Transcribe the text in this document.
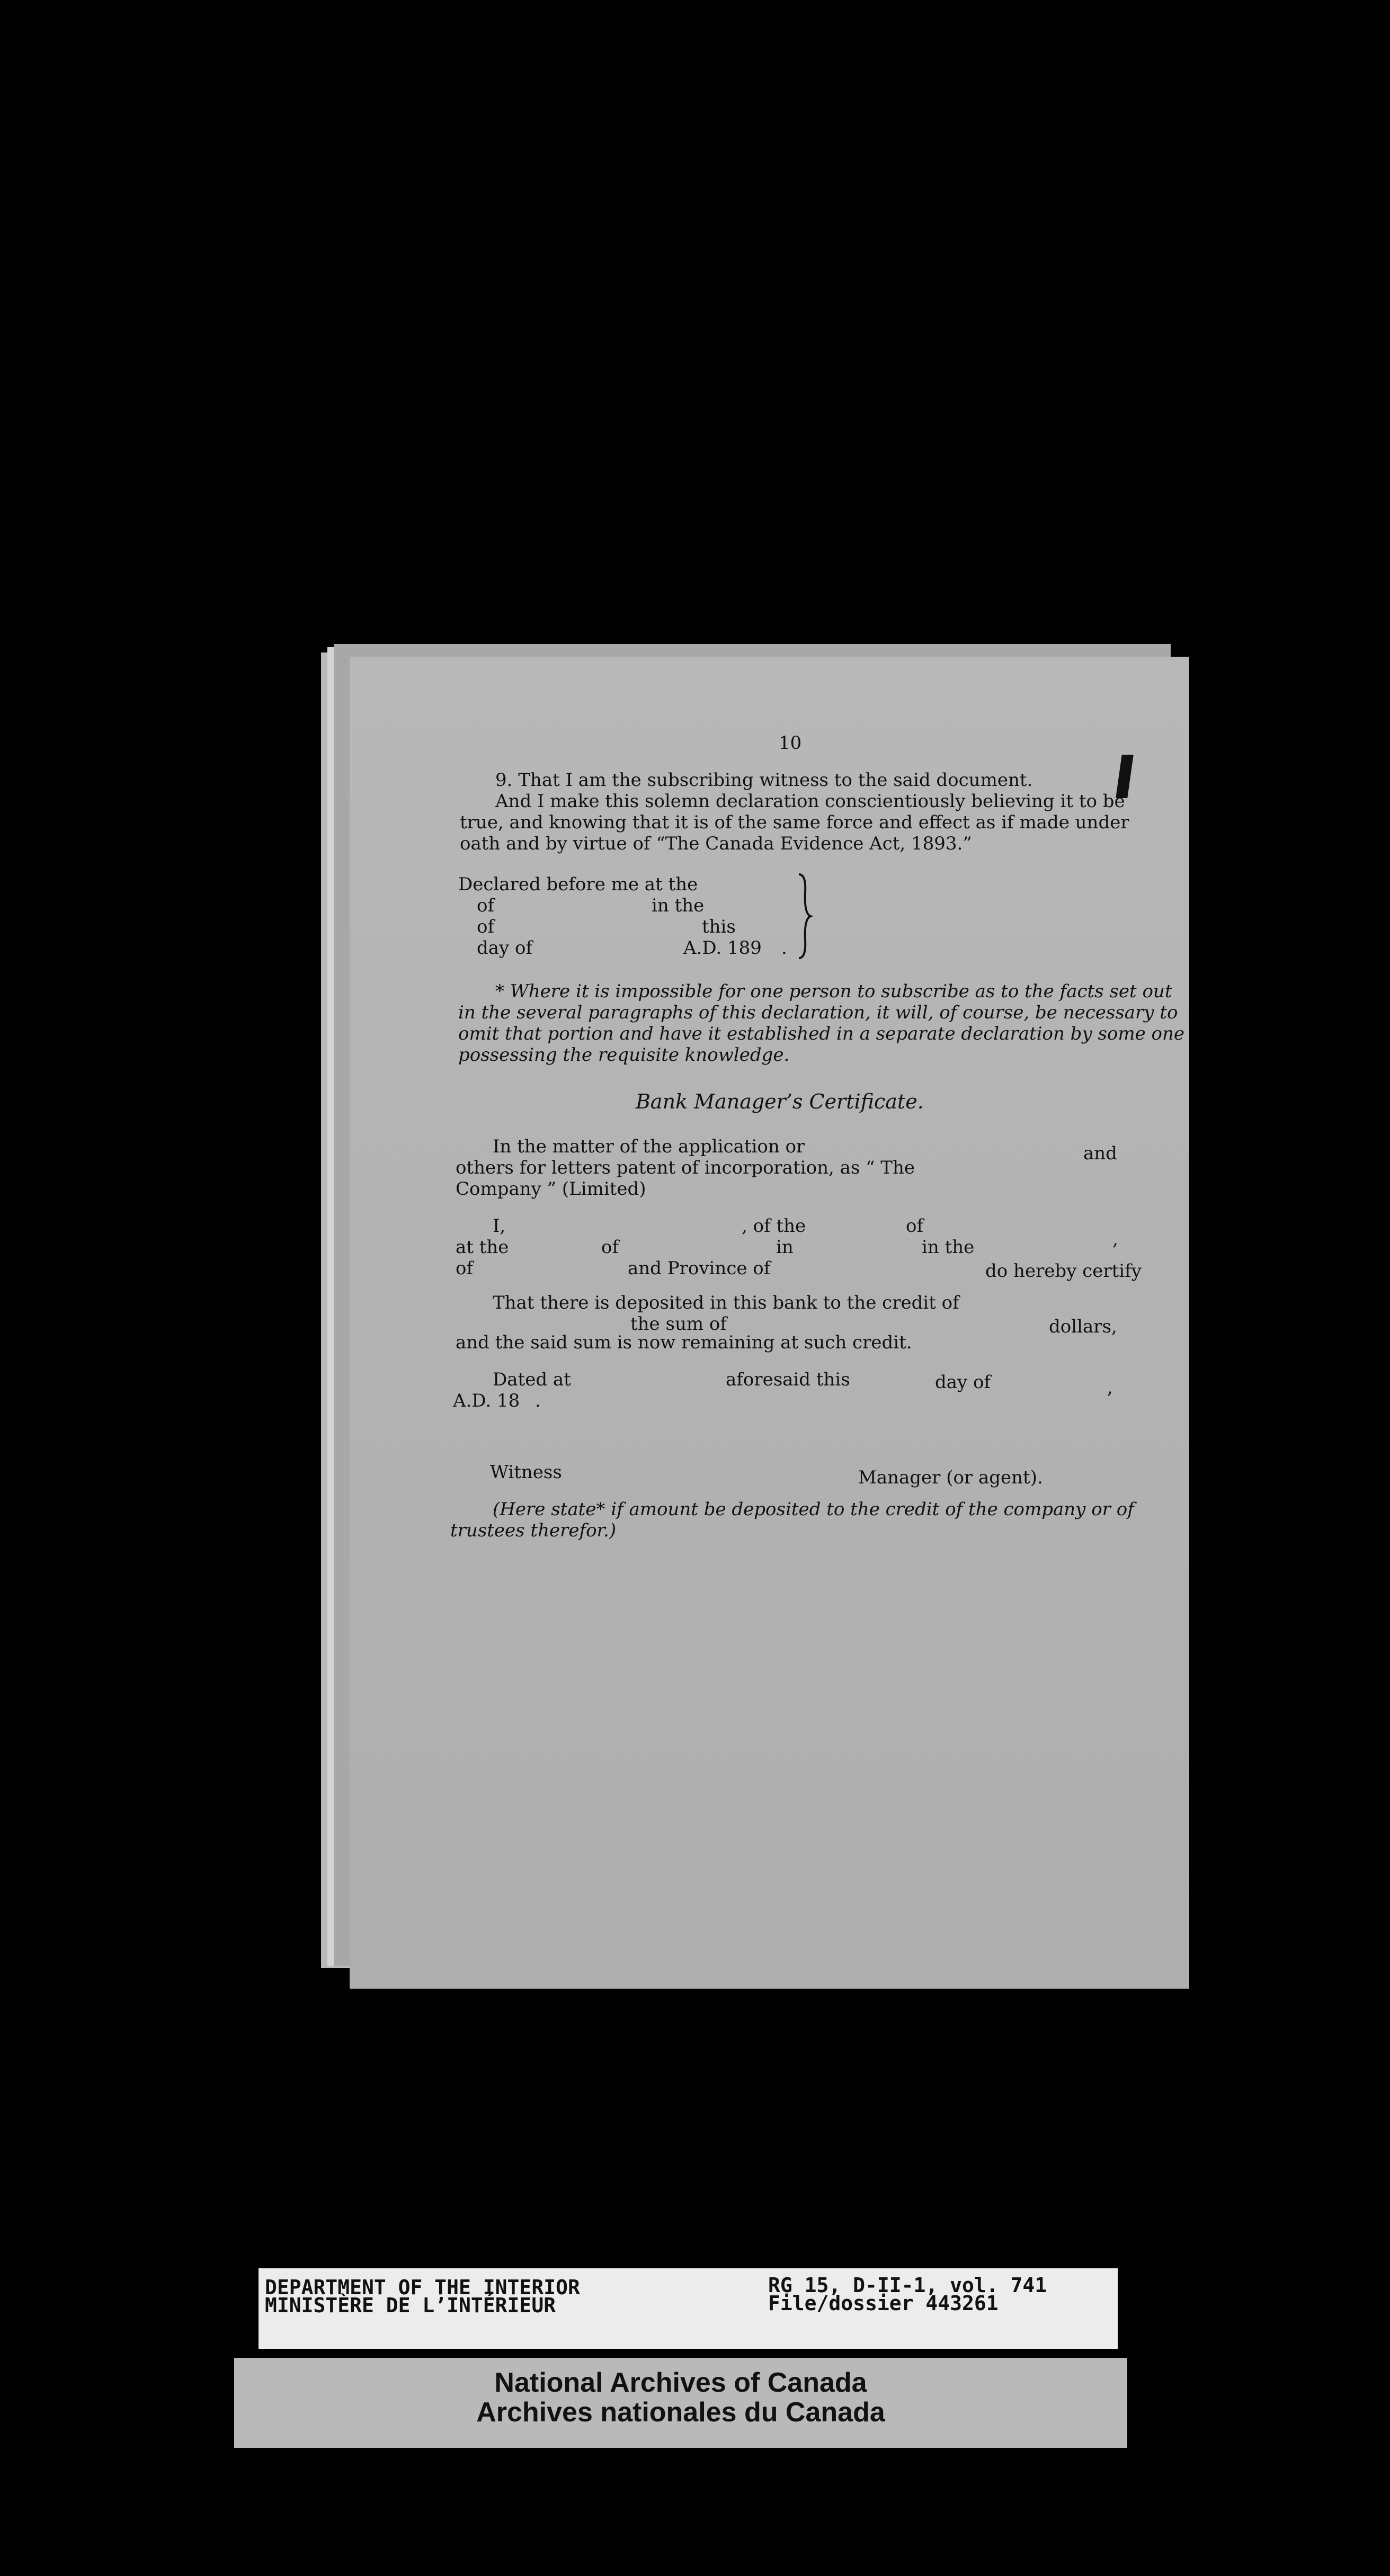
10
9. That I am the subscribing witness to the said document.
And I make this solemn declaration conscientiously believing it to be
true, and knowing that it is of the same force and effect as if made under
oath and by virtue of “The Canada Evidence Act, 1893.”
Declared before me at the
of	in the
of	this
day of	A.D. 189 .
* Where it is impossible for one person to subscribe as to the facts set out
in the several paragraphs of this declaration, it will, of course, be necessary to
omit that portion and have it established in a separate declaration by some one
possessing the requisite knowledge.
Bank Manager’s Certificate.
In the matter of the application or	and
others for letters patent of incorporation, as “ The
Company ” (Limited)
I,	, of the	of
,
at the	of	in	in the
of	and Province of	do hereby certify
That there is deposited in this bank to the credit of
the sum of	dollars,
and the said sum is now remaining at such credit.
Dated at	aforesaid this	day of	,
A.D. 18 .
Witness	Manager (or agent).
(Here state* if amount be deposited to the credit of the company or of
trustees therefor.)
DEPARTMENT OF THE INTERIOR
MINISTÈRE DE L’INTÉRIEUR
RG 15, D-II-1, vol. 741
File/dossier 443261
National Archives of Canada
Archives nationales du Canada
